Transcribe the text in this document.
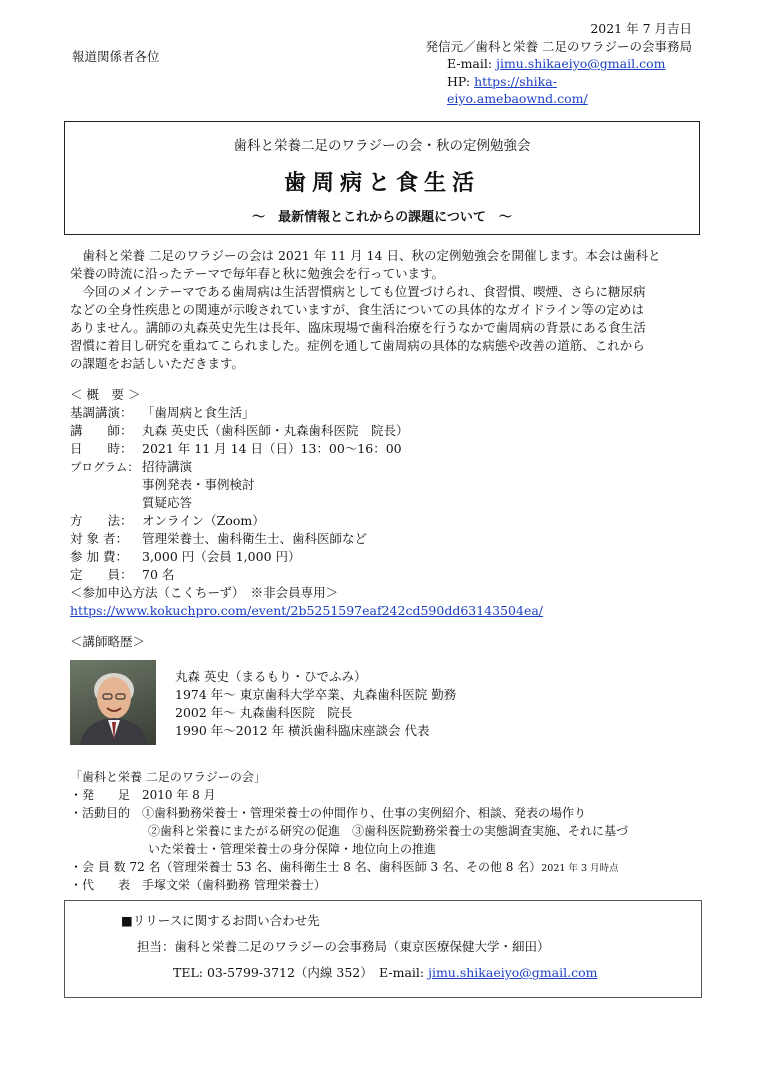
報道関係者各位
2021 年 7 月吉日
発信元／歯科と栄養 二足のワラジーの会事務局
E-mail: jimu.shikaeiyo@gmail.com
HP: https://shika-eiyo.amebaownd.com/
歯科と栄養二足のワラジーの会・秋の定例勉強会
歯周病と食生活
～　最新情報とこれからの課題について　～
　歯科と栄養 二足のワラジーの会は 2021 年 11 月 14 日、秋の定例勉強会を開催します。本会は歯科と
栄養の時流に沿ったテーマで毎年春と秋に勉強会を行っています。
　今回のメインテーマである歯周病は生活習慣病としても位置づけられ、食習慣、喫煙、さらに糖尿病
などの全身性疾患との関連が示唆されていますが、食生活についての具体的なガイドライン等の定めは
ありません。講師の丸森英史先生は長年、臨床現場で歯科治療を行うなかで歯周病の背景にある食生活
習慣に着目し研究を重ねてこられました。症例を通して歯周病の具体的な病態や改善の道筋、これから
の課題をお話しいただきます。
＜ 概　要 ＞
基調講演： 「歯周病と食生活」
講　　師： 丸森 英史氏（歯科医師・丸森歯科医院　院長）
日　　時： 2021 年 11 月 14 日（日）13：00～16：00
プログラム： 招待講演
事例発表・事例検討
質疑応答
方　　法： オンライン（Zoom）
対 象 者： 管理栄養士、歯科衛生士、歯科医師など
参 加 費： 3,000 円（会員 1,000 円）
定　　員： 70 名
＜参加申込方法（こくちーず）　※非会員専用＞
https://www.kokuchpro.com/event/2b5251597eaf242cd590dd63143504ea/
＜講師略歴＞
丸森 英史（まるもり・ひでふみ）
1974 年～ 東京歯科大学卒業、丸森歯科医院 勤務
2002 年～ 丸森歯科医院　院長
1990 年～2012 年 横浜歯科臨床座談会 代表
「歯科と栄養 二足のワラジーの会」
・発　　足　2010 年 8 月
・活動目的　①歯科勤務栄養士・管理栄養士の仲間作り、仕事の実例紹介、相談、発表の場作り
②歯科と栄養にまたがる研究の促進　③歯科医院勤務栄養士の実態調査実施、それに基づ
いた栄養士・管理栄養士の身分保障・地位向上の推進
・会 員 数 72 名（管理栄養士 53 名、歯科衛生士 8 名、歯科医師 3 名、その他 8 名）2021 年 3 月時点
・代　　表　手塚文栄（歯科勤務 管理栄養士）
■リリースに関するお問い合わせ先
担当：歯科と栄養二足のワラジーの会事務局（東京医療保健大学・細田）
TEL: 03-5799-3712（内線 352）　E-mail: jimu.shikaeiyo@gmail.com
